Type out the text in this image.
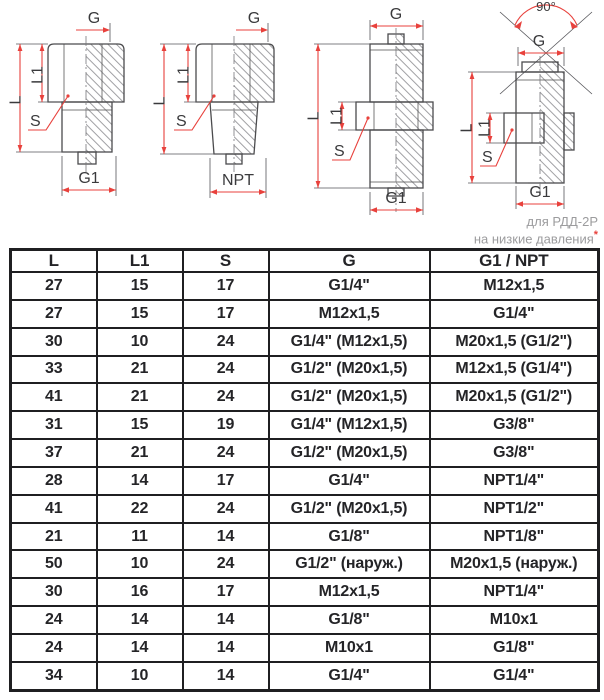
G
L
L1
S
G1
G
L
L1
S
NPT
G
L L1
S
G1
90°
G
L L1
S
G1
для РДД-2Р
на низкие давления*
L	L1	S	G	G1 / NPT
27	15	17	G1/4"	M12x1,5
27	15	17	M12x1,5	G1/4"
30	10	24	G1/4" (M12x1,5)	M20x1,5 (G1/2")
33	21	24	G1/2" (M20x1,5)	M12x1,5 (G1/4")
41	21	24	G1/2" (M20x1,5)	M20x1,5 (G1/2")
31	15	19	G1/4" (M12x1,5)	G3/8"
37	21	24	G1/2" (M20x1,5)	G3/8"
28	14	17	G1/4"	NPT1/4"
41	22	24	G1/2" (M20x1,5)	NPT1/2"
21	11	14	G1/8"	NPT1/8"
50	10	24	G1/2" (наруж.)	M20x1,5 (наруж.)
30	16	17	M12x1,5	NPT1/4"
24	14	14	G1/8"	M10x1
24	14	14	M10x1	G1/8"
34	10	14	G1/4"	G1/4"
